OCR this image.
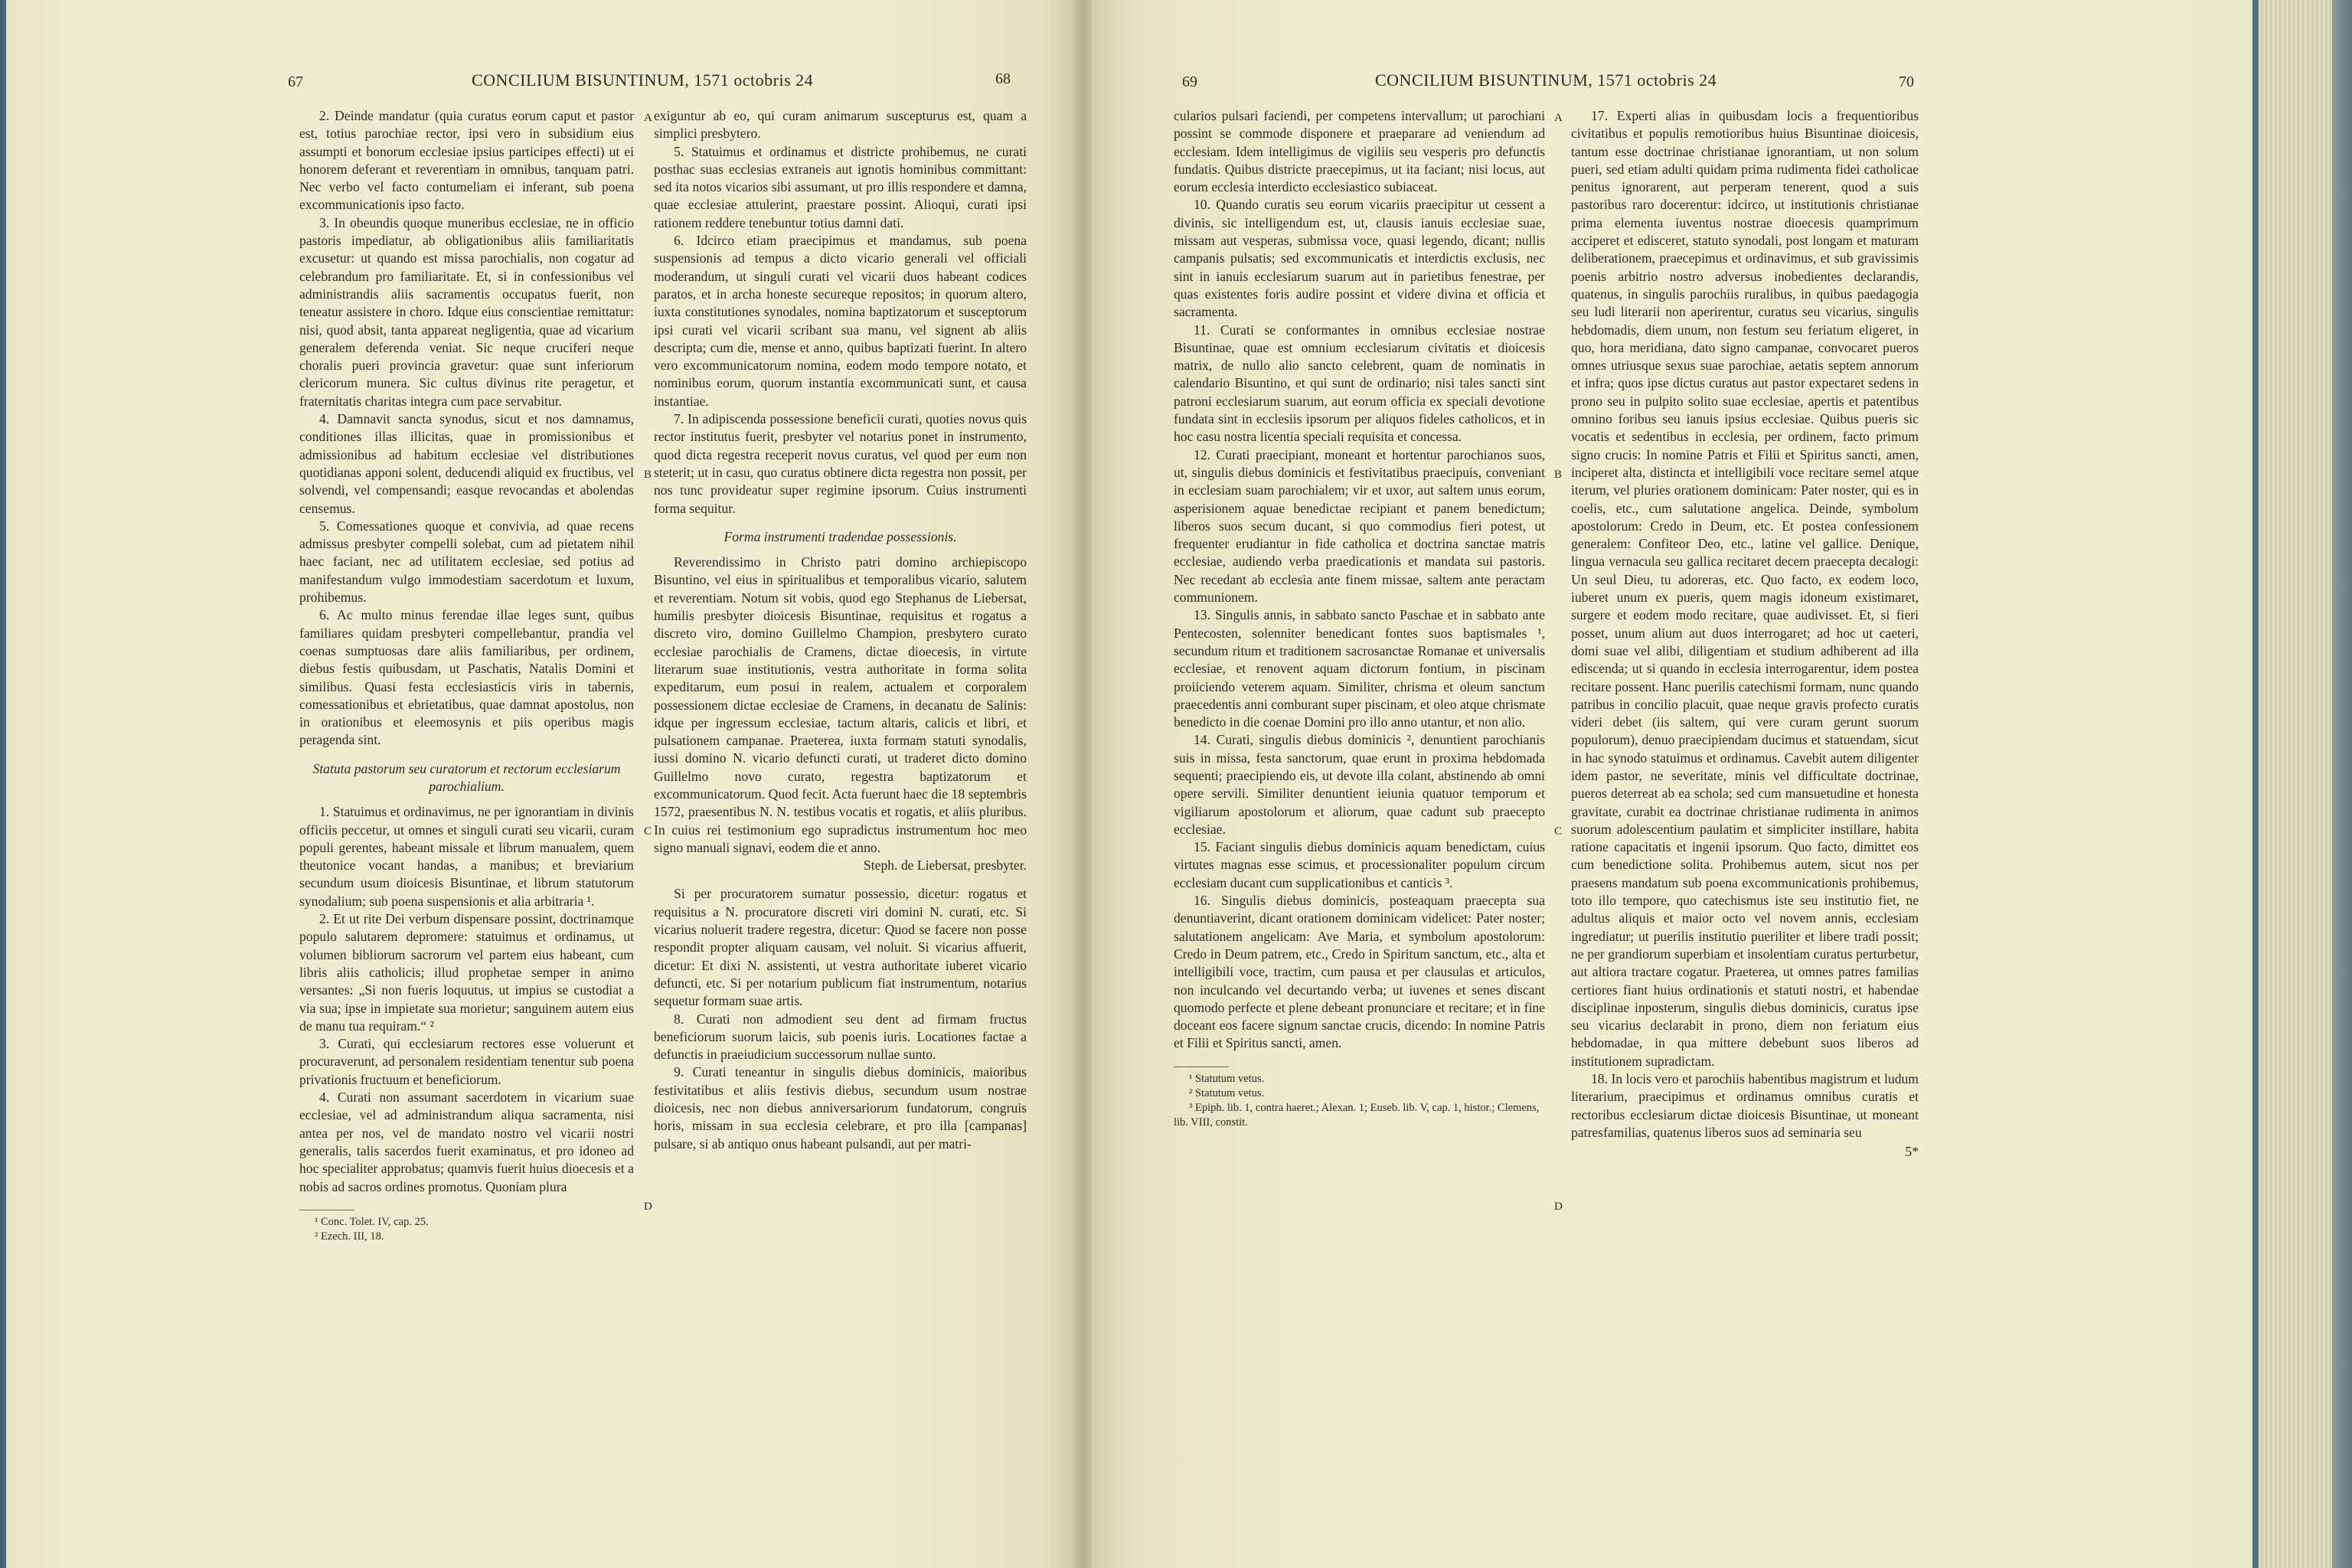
67	CONCILIUM BISUNTINUM, 1571 octobris 24	68

2. Deinde mandatur (quia curatus eorum caput et pastor est, totius parochiae rector, ipsi vero in subsidium eius assumpti et bonorum ecclesiae ipsius participes effecti) ut ei honorem deferant et reverentiam in omnibus, tanquam patri. Nec verbo vel facto contumeliam ei inferant, sub poena excommunicationis ipso facto.

3. In obeundis quoque muneribus ecclesiae, ne in officio pastoris impediatur, ab obligationibus aliis familiaritatis excusetur: ut quando est missa parochialis, non cogatur ad celebrandum pro familiaritate. Et, si in confessionibus vel administrandis aliis sacramentis occupatus fuerit, non teneatur assistere in choro. Idque eius conscientiae remittatur: nisi, quod absit, tanta appareat negligentia, quae ad vicarium generalem deferenda veniat. Sic neque cruciferi neque choralis pueri provincia gravetur: quae sunt inferiorum clericorum munera. Sic cultus divinus rite peragetur, et fraternitatis charitas integra cum pace servabitur.

4. Damnavit sancta synodus, sicut et nos damnamus, conditiones illas illicitas, quae in promissionibus et admissionibus ad habitum ecclesiae vel distributiones quotidianas apponi solent, deducendi aliquid ex fructibus, vel solvendi, vel compensandi; easque revocandas et abolendas censemus.

5. Comessationes quoque et convivia, ad quae recens admissus presbyter compelli solebat, cum ad pietatem nihil haec faciant, nec ad utilitatem ecclesiae, sed potius ad manifestandum vulgo immodestiam sacerdotum et luxum, prohibemus.

6. Ac multo minus ferendae illae leges sunt, quibus familiares quidam presbyteri compellebantur, prandia vel coenas sumptuosas dare aliis familiaribus, per ordinem, diebus festis quibusdam, ut Paschatis, Natalis Domini et similibus. Quasi festa ecclesiasticis viris in tabernis, comessationibus et ebrietatibus, quae damnat apostolus, non in orationibus et eleemosynis et piis operibus magis peragenda sint.

Statuta pastorum seu curatorum et rectorum ecclesiarum parochialium.

1. Statuimus et ordinavimus, ne per ignorantiam in divinis officiis peccetur, ut omnes et singuli curati seu vicarii, curam populi gerentes, habeant missale et librum manualem, quem theutonice vocant handas, a manibus; et breviarium secundum usum dioicesis Bisuntinae, et librum statutorum synodalium; sub poena suspensionis et alia arbitraria ¹.

2. Et ut rite Dei verbum dispensare possint, doctrinamque populo salutarem depromere: statuimus et ordinamus, ut volumen bibliorum sacrorum vel partem eius habeant, cum libris aliis catholicis; illud prophetae semper in animo versantes: „Si non fueris loquutus, ut impius se custodiat a via sua; ipse in impietate sua morietur; sanguinem autem eius de manu tua requiram.“ ²

3. Curati, qui ecclesiarum rectores esse voluerunt et procuraverunt, ad personalem residentiam tenentur sub poena privationis fructuum et beneficiorum.

4. Curati non assumant sacerdotem in vicarium suae ecclesiae, vel ad administrandum aliqua sacramenta, nisi antea per nos, vel de mandato nostro vel vicarii nostri generalis, talis sacerdos fuerit examinatus, et pro idoneo ad hoc specialiter approbatus; quamvis fuerit huius dioecesis et a nobis ad sacros ordines promotus. Quoniam plura

¹ Conc. Tolet. IV, cap. 25.
² Ezech. III, 18.
A
B
C
D

exiguntur ab eo, qui curam animarum suscepturus est, quam a simplici presbytero.

5. Statuimus et ordinamus et districte prohibemus, ne curati posthac suas ecclesias extraneis aut ignotis hominibus committant: sed ita notos vicarios sibi assumant, ut pro illis respondere et damna, quae ecclesiae attulerint, praestare possint. Alioqui, curati ipsi rationem reddere tenebuntur totius damni dati.

6. Idcirco etiam praecipimus et mandamus, sub poena suspensionis ad tempus a dicto vicario generali vel officiali moderandum, ut singuli curati vel vicarii duos habeant codices paratos, et in archa honeste secureque repositos; in quorum altero, iuxta constitutiones synodales, nomina baptizatorum et susceptorum ipsi curati vel vicarii scribant sua manu, vel signent ab aliis descripta; cum die, mense et anno, quibus baptizati fuerint. In altero vero excommunicatorum nomina, eodem modo tempore notato, et nominibus eorum, quorum instantia excommunicati sunt, et causa instantiae.

7. In adipiscenda possessione beneficii curati, quoties novus quis rector institutus fuerit, presbyter vel notarius ponet in instrumento, quod dicta regestra receperit novus curatus, vel quod per eum non steterit; ut in casu, quo curatus obtinere dicta regestra non possit, per nos tunc provideatur super regimine ipsorum. Cuius instrumenti forma sequitur.

Forma instrumenti tradendae possessionis.

Reverendissimo in Christo patri domino archiepiscopo Bisuntino, vel eius in spiritualibus et temporalibus vicario, salutem et reverentiam. Notum sit vobis, quod ego Stephanus de Liebersat, humilis presbyter dioicesis Bisuntinae, requisitus et rogatus a discreto viro, domino Guillelmo Champion, presbytero curato ecclesiae parochialis de Cramens, dictae dioecesis, in virtute literarum suae institutionis, vestra authoritate in forma solita expeditarum, eum posui in realem, actualem et corporalem possessionem dictae ecclesiae de Cramens, in decanatu de Salinis: idque per ingressum ecclesiae, tactum altaris, calicis et libri, et pulsationem campanae. Praeterea, iuxta formam statuti synodalis, iussi domino N. vicario defuncti curati, ut traderet dicto domino Guillelmo novo curato, regestra baptizatorum et excommunicatorum. Quod fecit. Acta fuerunt haec die 18 septembris 1572, praesentibus N. N. testibus vocatis et rogatis, et aliis pluribus. In cuius rei testimonium ego supradictus instrumentum hoc meo signo manuali signavi, eodem die et anno.

Steph. de Liebersat, presbyter.

Si per procuratorem sumatur possessio, dicetur: rogatus et requisitus a N. procuratore discreti viri domini N. curati, etc. Si vicarius noluerit tradere regestra, dicetur: Quod se facere non posse respondit propter aliquam causam, vel noluit. Si vicarius affuerit, dicetur: Et dixi N. assistenti, ut vestra authoritate iuberet vicario defuncti, etc. Si per notarium publicum fiat instrumentum, notarius sequetur formam suae artis.

8. Curati non admodient seu dent ad firmam fructus beneficiorum suorum laicis, sub poenis iuris. Locationes factae a defunctis in praeiudicium successorum nullae sunto.

9. Curati teneantur in singulis diebus dominicis, maioribus festivitatibus et aliis festivis diebus, secundum usum nostrae dioicesis, nec non diebus anniversariorum fundatorum, congruis horis, missam in sua ecclesia celebrare, et pro illa [campanas] pulsare, si ab antiquo onus habeant pulsandi, aut per matri-

69	CONCILIUM BISUNTINUM, 1571 octobris 24	70

cularios pulsari faciendi, per competens intervallum; ut parochiani possint se commode disponere et praeparare ad veniendum ad ecclesiam. Idem intelligimus de vigiliis seu vesperis pro defunctis fundatis. Quibus districte praecepimus, ut ita faciant; nisi locus, aut eorum ecclesia interdicto ecclesiastico subiaceat.

10. Quando curatis seu eorum vicariis praecipitur ut cessent a divinis, sic intelligendum est, ut, clausis ianuis ecclesiae suae, missam aut vesperas, submissa voce, quasi legendo, dicant; nullis campanis pulsatis; sed excommunicatis et interdictis exclusis, nec sint in ianuis ecclesiarum suarum aut in parietibus fenestrae, per quas existentes foris audire possint et videre divina et officia et sacramenta.

11. Curati se conformantes in omnibus ecclesiae nostrae Bisuntinae, quae est omnium ecclesiarum civitatis et dioicesis matrix, de nullo alio sancto celebrent, quam de nominatis in calendario Bisuntino, et qui sunt de ordinario; nisi tales sancti sint patroni ecclesiarum suarum, aut eorum officia ex speciali devotione fundata sint in ecclesiis ipsorum per aliquos fideles catholicos, et in hoc casu nostra licentia speciali requisita et concessa.

12. Curati praecipiant, moneant et hortentur parochianos suos, ut, singulis diebus dominicis et festivitatibus praecipuis, conveniant in ecclesiam suam parochialem; vir et uxor, aut saltem unus eorum, asperisionem aquae benedictae recipiant et panem benedictum; liberos suos secum ducant, si quo commodius fieri potest, ut frequenter erudiantur in fide catholica et doctrina sanctae matris ecclesiae, audiendo verba praedicationis et mandata sui pastoris. Nec recedant ab ecclesia ante finem missae, saltem ante peractam communionem.

13. Singulis annis, in sabbato sancto Paschae et in sabbato ante Pentecosten, solenniter benedicant fontes suos baptismales ¹, secundum ritum et traditionem sacrosanctae Romanae et universalis ecclesiae, et renovent aquam dictorum fontium, in piscinam proiiciendo veterem aquam. Similiter, chrisma et oleum sanctum praecedentis anni comburant super piscinam, et oleo atque chrismate benedicto in die coenae Domini pro illo anno utantur, et non alio.

14. Curati, singulis diebus dominicis ², denuntient parochianis suis in missa, festa sanctorum, quae erunt in proxima hebdomada sequenti; praecipiendo eis, ut devote illa colant, abstinendo ab omni opere servili. Similiter denuntient ieiunia quatuor temporum et vigiliarum apostolorum et aliorum, quae cadunt sub praecepto ecclesiae.

15. Faciant singulis diebus dominicis aquam benedictam, cuius virtutes magnas esse scimus, et processionaliter populum circum ecclesiam ducant cum supplicationibus et canticis ³.

16. Singulis diebus dominicis, posteaquam praecepta sua denuntiaverint, dicant orationem dominicam videlicet: Pater noster; salutationem angelicam: Ave Maria, et symbolum apostolorum: Credo in Deum patrem, etc., Credo in Spiritum sanctum, etc., alta et intelligibili voce, tractim, cum pausa et per clausulas et articulos, non inculcando vel decurtando verba; ut iuvenes et senes discant quomodo perfecte et plene debeant pronunciare et recitare; et in fine doceant eos facere signum sanctae crucis, dicendo: In nomine Patris et Filii et Spiritus sancti, amen.

¹ Statutum vetus.
² Statutum vetus.
³ Epiph. lib. 1, contra haeret.; Alexan. 1; Euseb. lib. V, cap. 1, histor.; Clemens, lib. VIII, constit.
A
B
C
D

17. Experti alias in quibusdam locis a frequentioribus civitatibus et populis remotioribus huius Bisuntinae dioicesis, tantum esse doctrinae christianae ignorantiam, ut non solum pueri, sed etiam adulti quidam prima rudimenta fidei catholicae penitus ignorarent, aut perperam tenerent, quod a suis pastoribus raro docerentur: idcirco, ut institutionis christianae prima elementa iuventus nostrae dioecesis quamprimum acciperet et edisceret, statuto synodali, post longam et maturam deliberationem, praecepimus et ordinavimus, et sub gravissimis poenis arbitrio nostro adversus inobedientes declarandis, quatenus, in singulis parochiis ruralibus, in quibus paedagogia seu ludi literarii non aperirentur, curatus seu vicarius, singulis hebdomadis, diem unum, non festum seu feriatum eligeret, in quo, hora meridiana, dato signo campanae, convocaret pueros omnes utriusque sexus suae parochiae, aetatis septem annorum et infra; quos ipse dictus curatus aut pastor expectaret sedens in prono seu in pulpito solito suae ecclesiae, apertis et patentibus omnino foribus seu ianuis ipsius ecclesiae. Quibus pueris sic vocatis et sedentibus in ecclesia, per ordinem, facto primum signo crucis: In nomine Patris et Filii et Spiritus sancti, amen, inciperet alta, distincta et intelligibili voce recitare semel atque iterum, vel pluries orationem dominicam: Pater noster, qui es in coelis, etc., cum salutatione angelica. Deinde, symbolum apostolorum: Credo in Deum, etc. Et postea confessionem generalem: Confiteor Deo, etc., latine vel gallice. Denique, lingua vernacula seu gallica recitaret decem praecepta decalogi: Un seul Dieu, tu adoreras, etc. Quo facto, ex eodem loco, iuberet unum ex pueris, quem magis idoneum existimaret, surgere et eodem modo recitare, quae audivisset. Et, si fieri posset, unum alium aut duos interrogaret; ad hoc ut caeteri, domi suae vel alibi, diligentiam et studium adhiberent ad illa ediscenda; ut si quando in ecclesia interrogarentur, idem postea recitare possent. Hanc puerilis catechismi formam, nunc quando patribus in concilio placuit, quae neque gravis profecto curatis videri debet (iis saltem, qui vere curam gerunt suorum populorum), denuo praecipiendam ducimus et statuendam, sicut in hac synodo statuimus et ordinamus. Cavebit autem diligenter idem pastor, ne severitate, minis vel difficultate doctrinae, pueros deterreat ab ea schola; sed cum mansuetudine et honesta gravitate, curabit ea doctrinae christianae rudimenta in animos suorum adolescentium paulatim et simpliciter instillare, habita ratione capacitatis et ingenii ipsorum. Quo facto, dimittet eos cum benedictione solita. Prohibemus autem, sicut nos per praesens mandatum sub poena excommunicationis prohibemus, toto illo tempore, quo catechismus iste seu institutio fiet, ne adultus aliquis et maior octo vel novem annis, ecclesiam ingrediatur; ut puerilis institutio pueriliter et libere tradi possit; ne per grandiorum superbiam et insolentiam curatus perturbetur, aut altiora tractare cogatur. Praeterea, ut omnes patres familias certiores fiant huius ordinationis et statuti nostri, et habendae disciplinae inposterum, singulis diebus dominicis, curatus ipse seu vicarius declarabit in prono, diem non feriatum eius hebdomadae, in qua mittere debebunt suos liberos ad institutionem supradictam.

18. In locis vero et parochiis habentibus magistrum et ludum literarium, praecipimus et ordinamus omnibus curatis et rectoribus ecclesiarum dictae dioicesis Bisuntinae, ut moneant patresfamilias, quatenus liberos suos ad seminaria seu

5*
